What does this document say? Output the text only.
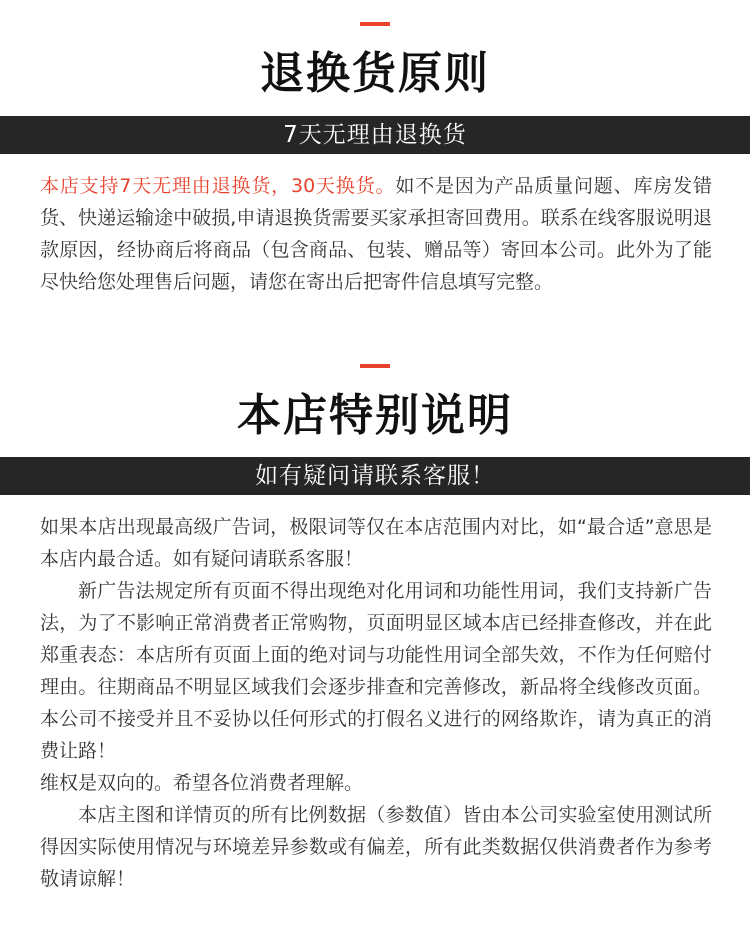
退换货原则
7天无理由退换货

本店支持7天无理由退换货，30天换货。如不是因为产品质量问题、库房发错货、快递运输途中破损,申请退换货需要买家承担寄回费用。联系在线客服说明退款原因，经协商后将商品（包含商品、包装、赠品等）寄回本公司。此外为了能尽快给您处理售后问题，请您在寄出后把寄件信息填写完整。

本店特别说明
如有疑问请联系客服！

如果本店出现最高级广告词，极限词等仅在本店范围内对比，如“最合适”意思是本店内最合适。如有疑问请联系客服！

新广告法规定所有页面不得出现绝对化用词和功能性用词，我们支持新广告法，为了不影响正常消费者正常购物，页面明显区域本店已经排查修改，并在此郑重表态：本店所有页面上面的绝对词与功能性用词全部失效，不作为任何赔付理由。往期商品不明显区域我们会逐步排查和完善修改，新品将全线修改页面。本公司不接受并且不妥协以任何形式的打假名义进行的网络欺诈，请为真正的消费让路！

维权是双向的。希望各位消费者理解。

本店主图和详情页的所有比例数据（参数值）皆由本公司实验室使用测试所得因实际使用情况与环境差异参数或有偏差，所有此类数据仅供消费者作为参考敬请谅解！
